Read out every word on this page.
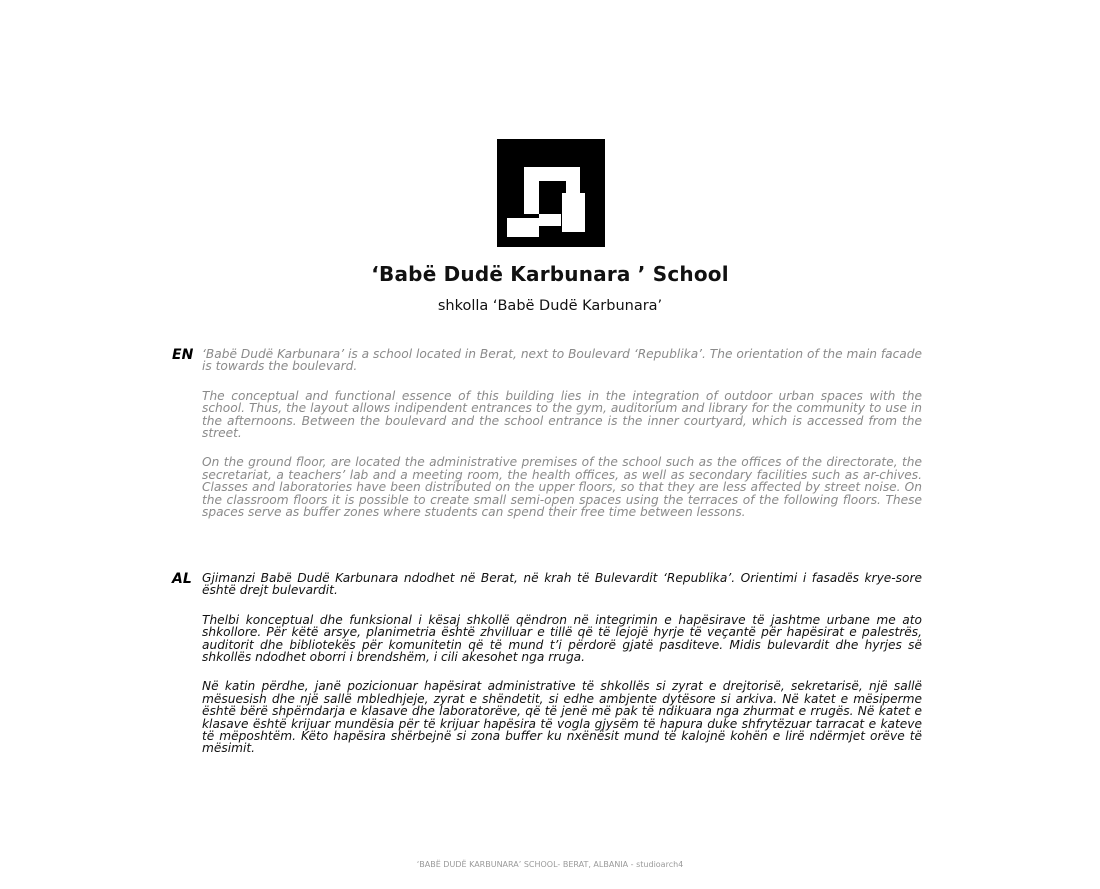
‘Babë Dudë Karbunara ’ School
shkolla ‘Babë Dudë Karbunara’
EN ‘Babë Dudë Karbunara’ is a school located in Berat, next to Boulevard ‘Republika’. The orientation of the main facade is towards the boulevard.

The conceptual and functional essence of this building lies in the integration of outdoor urban spaces with the school. Thus, the layout allows indipendent entrances to the gym, auditorium and library for the community to use in the afternoons. Between the boulevard and the school entrance is the inner courtyard, which is accessed from the street.

On the ground floor, are located the administrative premises of the school such as the offices of the directorate, the secretariat, a teachers’ lab and a meeting room, the health offices, as well as secondary facilities such as ar-chives. Classes and laboratories have been distributed on the upper floors, so that they are less affected by street noise. On the classroom floors it is possible to create small semi-open spaces using the terraces of the following floors. These spaces serve as buffer zones where students can spend their free time between lessons.

AL Gjimanzi Babë Dudë Karbunara ndodhet në Berat, në krah të Bulevardit ‘Republika’. Orientimi i fasadës krye-sore është drejt bulevardit.

Thelbi konceptual dhe funksional i kësaj shkollë qëndron në integrimin e hapësirave të jashtme urbane me ato shkollore. Për këtë arsye, planimetria është zhvilluar e tillë që të lejojë hyrje të veçantë për hapësirat e palestrës, auditorit dhe bibliotekës për komunitetin që të mund t’i përdorë gjatë pasditeve. Midis bulevardit dhe hyrjes së shkollës ndodhet oborri i brendshëm, i cili akesohet nga rruga.

Në katin përdhe, janë pozicionuar hapësirat administrative të shkollës si zyrat e drejtorisë, sekretarisë, një sallë mësuesish dhe një sallë mbledhjeje, zyrat e shëndetit, si edhe ambjente dytësore si arkiva. Në katet e mësiperme është bërë shpërndarja e klasave dhe laboratorëve, që të jenë më pak të ndikuara nga zhurmat e rrugës. Në katet e klasave është krijuar mundësia për të krijuar hapësira të vogla gjysëm të hapura duke shfrytëzuar tarracat e kateve të mëposhtëm. Këto hapësira shërbejnë si zona buffer ku nxënësit mund të kalojnë kohën e lirë ndërmjet orëve të mësimit.

‘BABË DUDË KARBUNARA’ SCHOOL- BERAT, ALBANIA - studioarch4
